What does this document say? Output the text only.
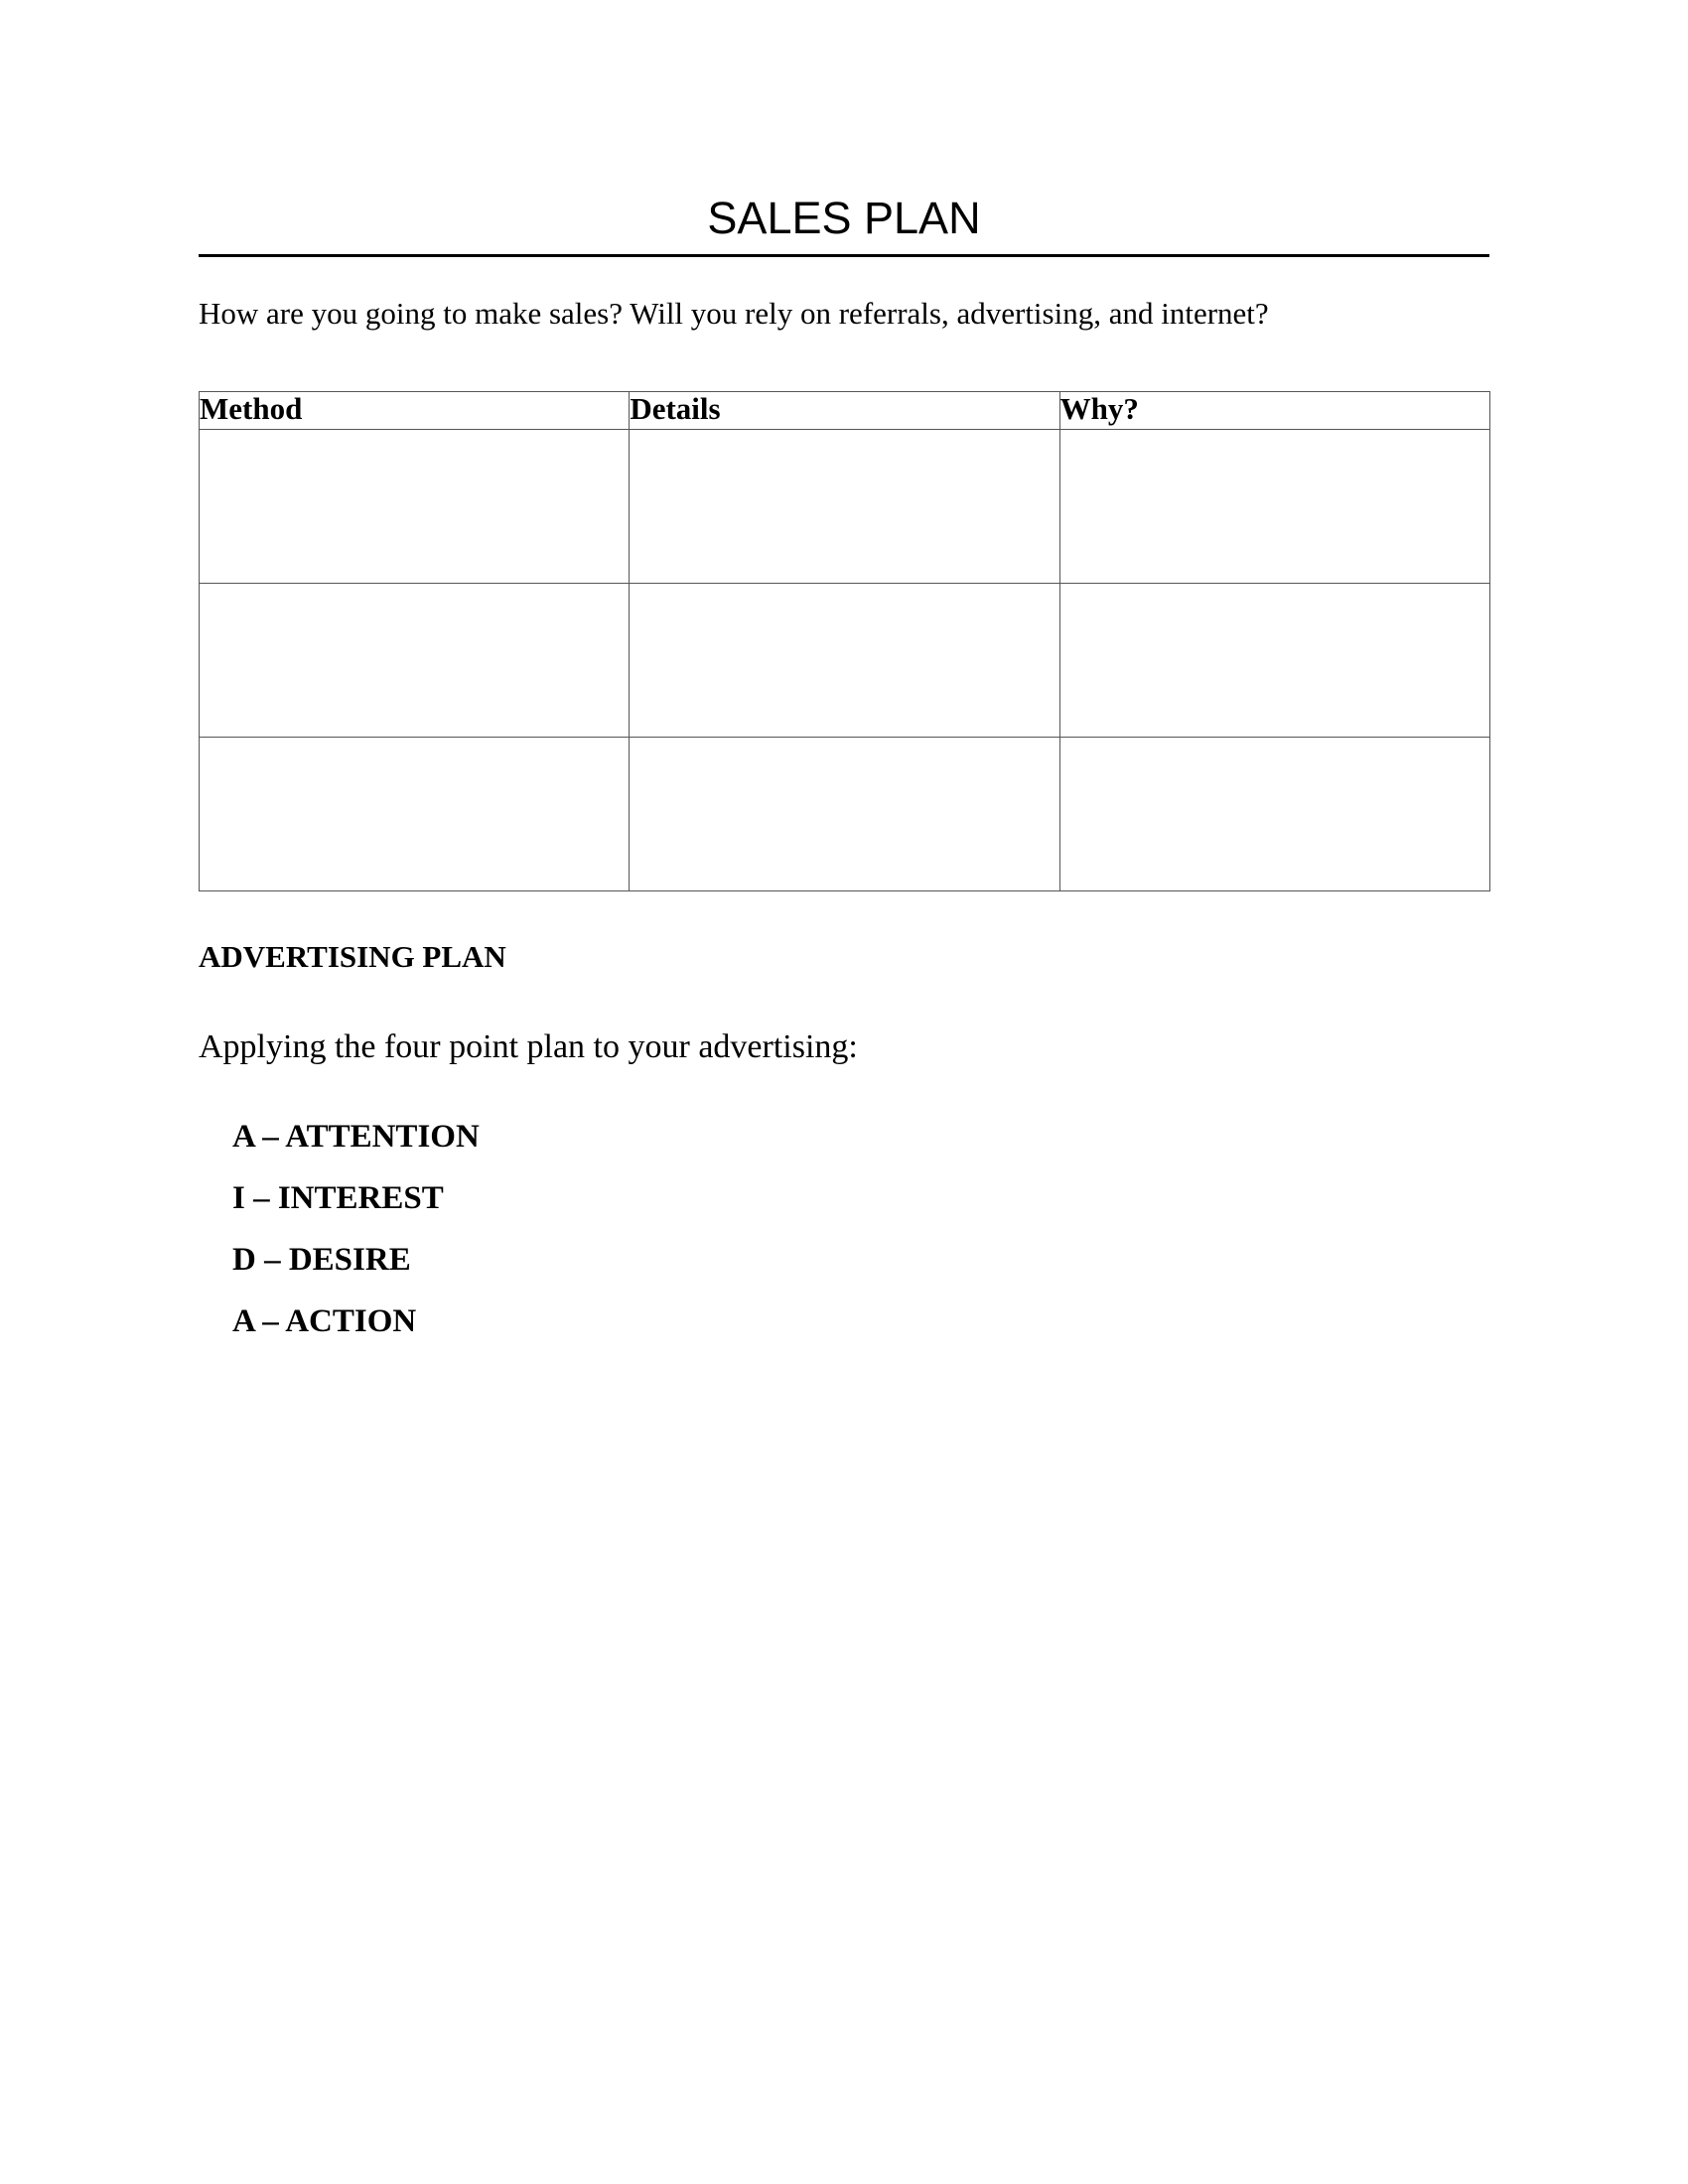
SALES PLAN

How are you going to make sales? Will you rely on referrals, advertising, and internet?

Method	Details	Why?

ADVERTISING PLAN

Applying the four point plan to your advertising:

A – ATTENTION
I – INTEREST
D – DESIRE
A – ACTION
